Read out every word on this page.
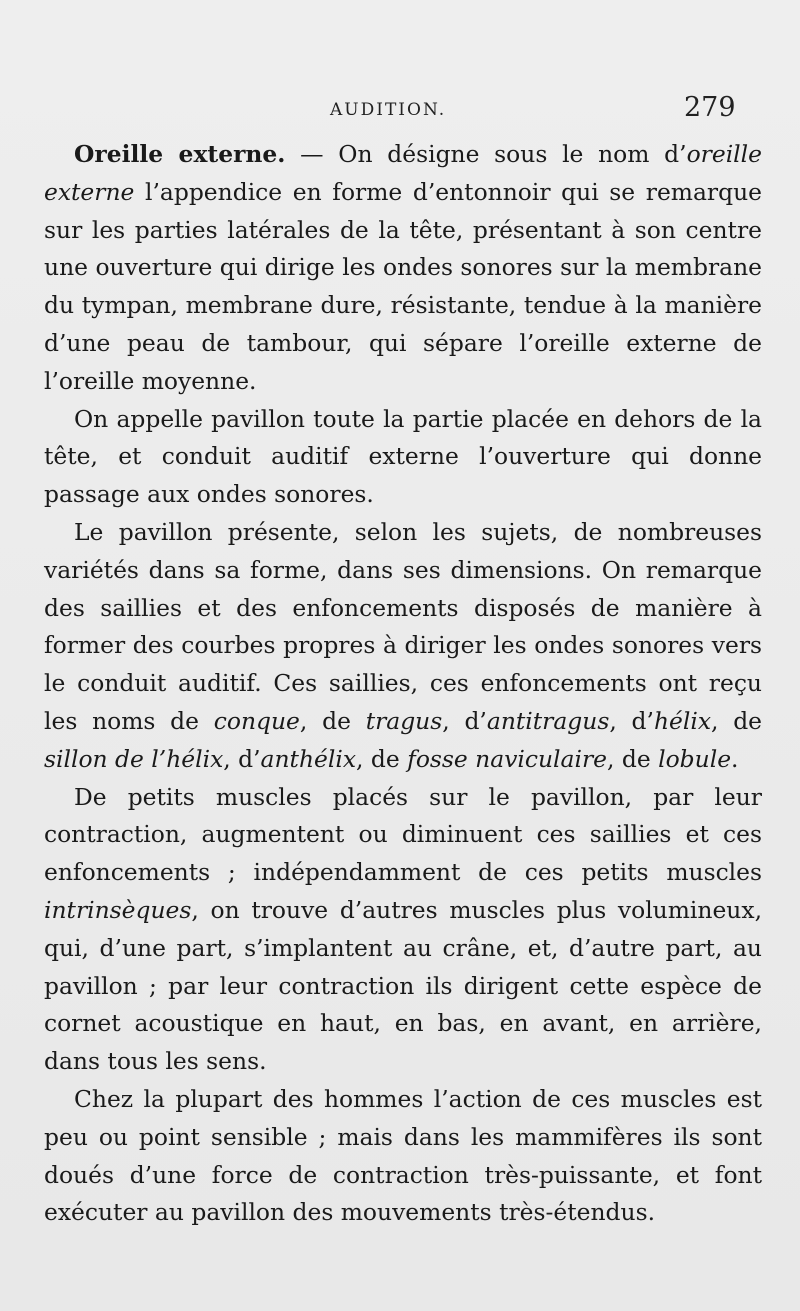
AUDITION.	279

Oreille externe. — On désigne sous le nom d’oreille externe l’appendice en forme d’entonnoir qui se remarque sur les parties latérales de la tête, présentant à son centre une ouverture qui dirige les ondes sonores sur la membrane du tympan, membrane dure, résistante, tendue à la manière d’une peau de tambour, qui sépare l’oreille externe de l’oreille moyenne.

On appelle pavillon toute la partie placée en dehors de la tête, et conduit auditif externe l’ouverture qui donne passage aux ondes sonores.

Le pavillon présente, selon les sujets, de nombreuses variétés dans sa forme, dans ses dimensions. On remarque des saillies et des enfoncements disposés de manière à former des courbes propres à diriger les ondes sonores vers le conduit auditif. Ces saillies, ces enfoncements ont reçu les noms de conque, de tragus, d’antitragus, d’hélix, de sillon de l’hélix, d’anthélix, de fosse naviculaire, de lobule.

De petits muscles placés sur le pavillon, par leur contraction, augmentent ou diminuent ces saillies et ces enfoncements ; indépendamment de ces petits muscles intrinsèques, on trouve d’autres muscles plus volumineux, qui, d’une part, s’implantent au crâne, et, d’autre part, au pavillon ; par leur contraction ils dirigent cette espèce de cornet acoustique en haut, en bas, en avant, en arrière, dans tous les sens.

Chez la plupart des hommes l’action de ces muscles est peu ou point sensible ; mais dans les mammifères ils sont doués d’une force de contraction très-puissante, et font exécuter au pavillon des mouvements très-étendus.
